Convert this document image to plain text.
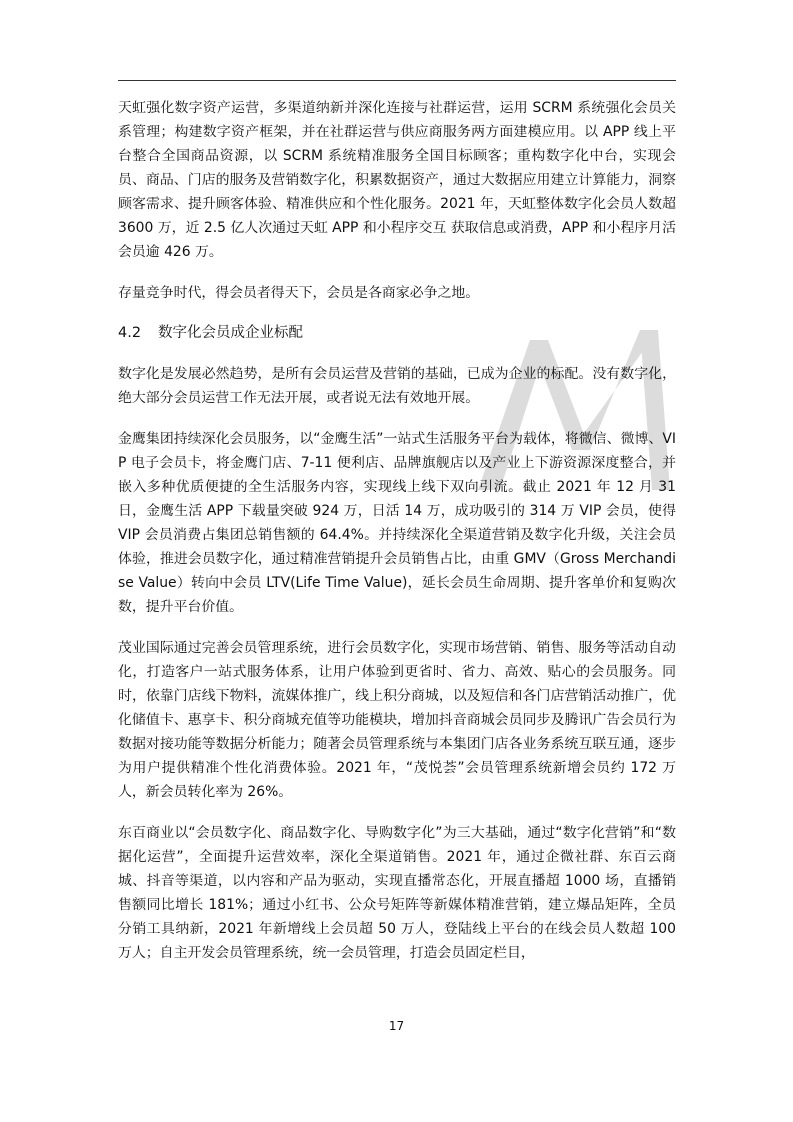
天虹强化数字资产运营，多渠道纳新并深化连接与社群运营，运用 SCRM 系统强化会员关系管理；构建数字资产框架，并在社群运营与供应商服务两方面建模应用。以 APP 线上平台整合全国商品资源，以 SCRM 系统精准服务全国目标顾客；重构数字化中台，实现会员、商品、门店的服务及营销数字化，积累数据资产，通过大数据应用建立计算能力，洞察顾客需求、提升顾客体验、精准供应和个性化服务。2021 年，天虹整体数字化会员人数超 3600 万，近 2.5 亿人次通过天虹 APP 和小程序交互 获取信息或消费，APP 和小程序月活会员逾 426 万。

存量竞争时代，得会员者得天下，会员是各商家必争之地。

4.2 数字化会员成企业标配

数字化是发展必然趋势，是所有会员运营及营销的基础，已成为企业的标配。没有数字化，绝大部分会员运营工作无法开展，或者说无法有效地开展。

金鹰集团持续深化会员服务，以“金鹰生活”一站式生活服务平台为载体，将微信、微博、VIP 电子会员卡，将金鹰门店、7-11 便利店、品牌旗舰店以及产业上下游资源深度整合，并嵌入多种优质便捷的全生活服务内容，实现线上线下双向引流。截止 2021 年 12 月 31 日，金鹰生活 APP 下载量突破 924 万，日活 14 万，成功吸引的 314 万 VIP 会员，使得 VIP 会员消费占集团总销售额的 64.4%。并持续深化全渠道营销及数字化升级，关注会员体验，推进会员数字化，通过精准营销提升会员销售占比，由重 GMV（Gross Merchandise Value）转向中会员 LTV(Life Time Value)，延长会员生命周期、提升客单价和复购次数，提升平台价值。

茂业国际通过完善会员管理系统，进行会员数字化，实现市场营销、销售、服务等活动自动化，打造客户一站式服务体系，让用户体验到更省时、省力、高效、贴心的会员服务。同时，依靠门店线下物料，流媒体推广，线上积分商城，以及短信和各门店营销活动推广，优化储值卡、惠享卡、积分商城充值等功能模块，增加抖音商城会员同步及腾讯广告会员行为数据对接功能等数据分析能力；随著会员管理系统与本集团门店各业务系统互联互通，逐步为用户提供精准个性化消费体验。2021 年，“茂悦荟”会员管理系统新增会员约 172 万人，新会员转化率为 26%。

东百商业以“会员数字化、商品数字化、导购数字化”为三大基础，通过“数字化营销”和“数据化运营”，全面提升运营效率，深化全渠道销售。2021 年，通过企微社群、东百云商城、抖音等渠道，以内容和产品为驱动，实现直播常态化，开展直播超 1000 场，直播销售额同比增长 181%；通过小红书、公众号矩阵等新媒体精准营销，建立爆品矩阵，全员分销工具纳新，2021 年新增线上会员超 50 万人，登陆线上平台的在线会员人数超 100 万人；自主开发会员管理系统，统一会员管理，打造会员固定栏目，

17
